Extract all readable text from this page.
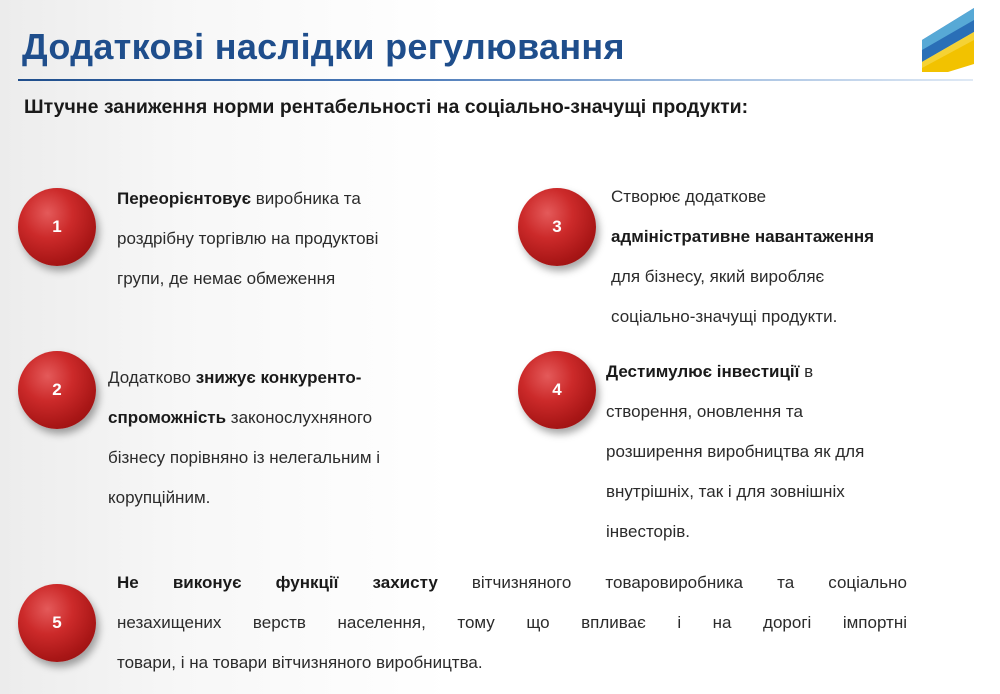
Додаткові наслідки регулювання
Штучне заниження норми рентабельності на соціально-значущі продукти:
1
Переорієнтовує виробника та
роздрібну торгівлю на продуктові
групи, де немає обмеження
2
Додатково знижує конкуренто-
спроможність законослухняного
бізнесу порівняно із нелегальним і
корупційним.
3
Створює додаткове
адміністративне навантаження
для бізнесу, який виробляє
соціально-значущі продукти.
4
Дестимулює інвестиції в
створення, оновлення та
розширення виробництва як для
внутрішніх, так і для зовнішніх
інвесторів.
5
Не виконує функції захисту вітчизняного товаровиробника та соціально
незахищених верств населення, тому що впливає і на дорогі імпортні
товари, і на товари вітчизняного виробництва.
